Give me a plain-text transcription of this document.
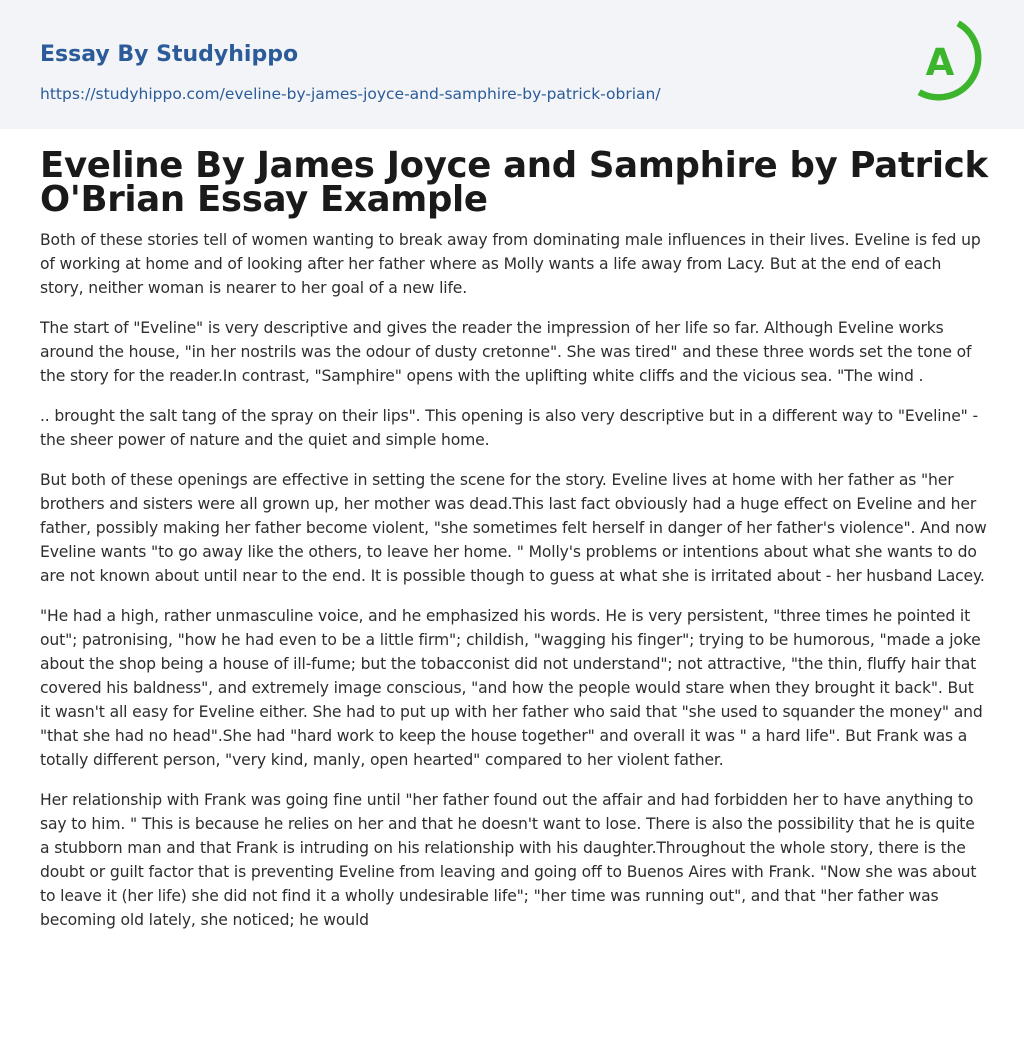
Essay By Studyhippo
https://studyhippo.com/eveline-by-james-joyce-and-samphire-by-patrick-obrian/
A
Eveline By James Joyce and Samphire by Patrick O'Brian Essay Example

Both of these stories tell of women wanting to break away from dominating male influences in their lives. Eveline is fed up of working at home and of looking after her father where as Molly wants a life away from Lacy. But at the end of each story, neither woman is nearer to her goal of a new life.

The start of "Eveline" is very descriptive and gives the reader the impression of her life so far. Although Eveline works around the house, "in her nostrils was the odour of dusty cretonne". She was tired" and these three words set the tone of the story for the reader.In contrast, "Samphire" opens with the uplifting white cliffs and the vicious sea. "The wind .

.. brought the salt tang of the spray on their lips". This opening is also very descriptive but in a different way to "Eveline" - the sheer power of nature and the quiet and simple home.

But both of these openings are effective in setting the scene for the story. Eveline lives at home with her father as "her brothers and sisters were all grown up, her mother was dead.This last fact obviously had a huge effect on Eveline and her father, possibly making her father become violent, "she sometimes felt herself in danger of her father's violence". And now Eveline wants "to go away like the others, to leave her home. " Molly's problems or intentions about what she wants to do are not known about until near to the end. It is possible though to guess at what she is irritated about - her husband Lacey.

"He had a high, rather unmasculine voice, and he emphasized his words. He is very persistent, "three times he pointed it out"; patronising, "how he had even to be a little firm"; childish, "wagging his finger"; trying to be humorous, "made a joke about the shop being a house of ill-fume; but the tobacconist did not understand"; not attractive, "the thin, fluffy hair that covered his baldness", and extremely image conscious, "and how the people would stare when they brought it back". But it wasn't all easy for Eveline either. She had to put up with her father who said that "she used to squander the money" and "that she had no head".She had "hard work to keep the house together" and overall it was " a hard life". But Frank was a totally different person, "very kind, manly, open hearted" compared to her violent father.

Her relationship with Frank was going fine until "her father found out the affair and had forbidden her to have anything to say to him. " This is because he relies on her and that he doesn't want to lose. There is also the possibility that he is quite a stubborn man and that Frank is intruding on his relationship with his daughter.Throughout the whole story, there is the doubt or guilt factor that is preventing Eveline from leaving and going off to Buenos Aires with Frank. "Now she was about to leave it (her life) she did not find it a wholly undesirable life"; "her time was running out", and that "her father was becoming old lately, she noticed; he would
